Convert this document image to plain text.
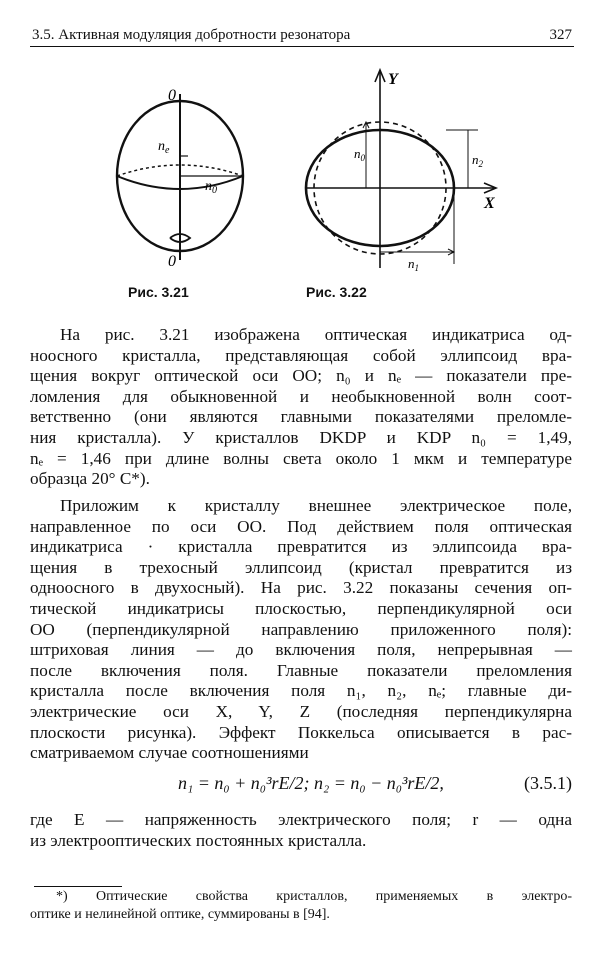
3.5. Активная модуляция добротности резонатора	327
0
0
$n_e$
$n_0$
Рис. 3.21
Y
X
$n_0$	$n_2$
$n_1$
Рис. 3.22
На рис. 3.21 изображена оптическая индикатриса од-
ноосного кристалла, представляющая собой эллипсоид вра-
щения вокруг оптической оси OO; n₀ и nₑ — показатели пре-
ломления для обыкновенной и необыкновенной волн соот-
ветственно (они являются главными показателями преломле-
ния кристалла). У кристаллов DKDP и KDP n₀ = 1,49,
nₑ = 1,46 при длине волны света около 1 мкм и температуре
образца 20° C*).
Приложим к кристаллу внешнее электрическое поле,
направленное по оси OO. Под действием поля оптическая
индикатриса · кристалла превратится из эллипсоида вра-
щения в трехосный эллипсоид (кристал превратится из
одноосного в двухосный). На рис. 3.22 показаны сечения оп-
тической индикатрисы плоскостью, перпендикулярной оси
OO (перпендикулярной направлению приложенного поля):
штриховая линия — до включения поля, непрерывная —
после включения поля. Главные показатели преломления
кристалла после включения поля n₁, n₂, nₑ; главные ди-
электрические оси X, Y, Z (последняя перпендикулярна
плоскости рисунка). Эффект Поккельса описывается в рас-
сматриваемом случае соотношениями
n₁ = n₀ + n₀³rE/2; n₂ = n₀ − n₀³rE/2,	(3.5.1)
где E — напряженность электрического поля; r — одна
из электрооптических постоянных кристалла.
*) Оптические свойства кристаллов, применяемых в электро-
оптике и нелинейной оптике, суммированы в [94].
